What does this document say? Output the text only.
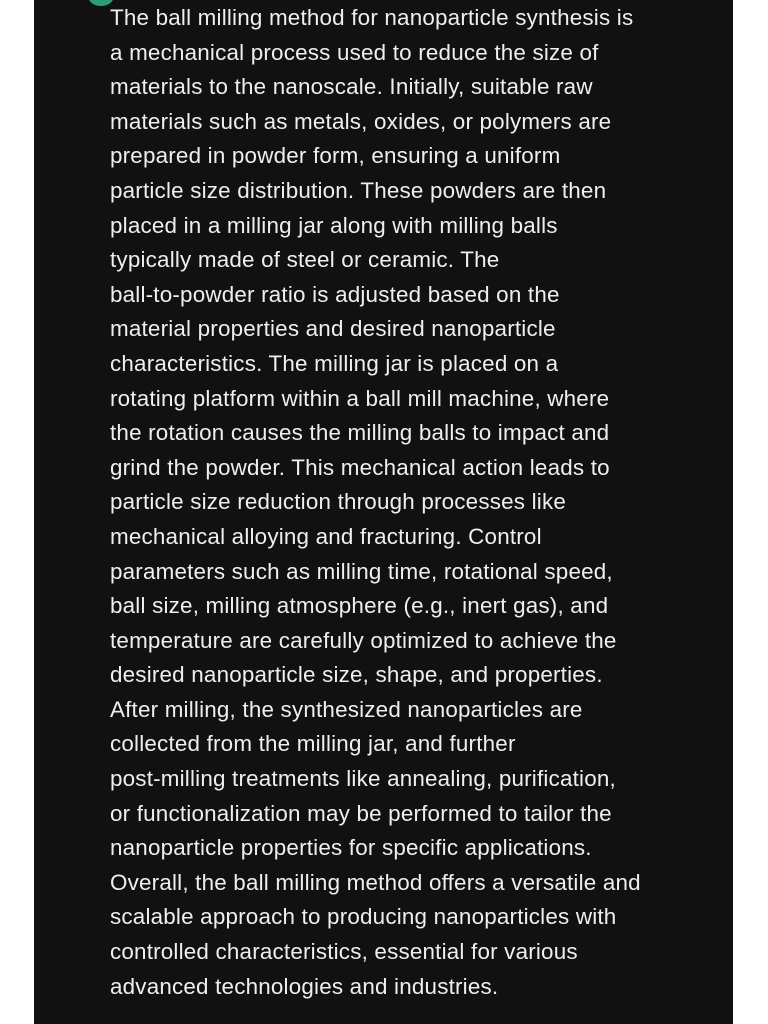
The ball milling method for nanoparticle synthesis is
a mechanical process used to reduce the size of
materials to the nanoscale. Initially, suitable raw
materials such as metals, oxides, or polymers are
prepared in powder form, ensuring a uniform
particle size distribution. These powders are then
placed in a milling jar along with milling balls
typically made of steel or ceramic. The
ball-to-powder ratio is adjusted based on the
material properties and desired nanoparticle
characteristics. The milling jar is placed on a
rotating platform within a ball mill machine, where
the rotation causes the milling balls to impact and
grind the powder. This mechanical action leads to
particle size reduction through processes like
mechanical alloying and fracturing. Control
parameters such as milling time, rotational speed,
ball size, milling atmosphere (e.g., inert gas), and
temperature are carefully optimized to achieve the
desired nanoparticle size, shape, and properties.
After milling, the synthesized nanoparticles are
collected from the milling jar, and further
post-milling treatments like annealing, purification,
or functionalization may be performed to tailor the
nanoparticle properties for specific applications.
Overall, the ball milling method offers a versatile and
scalable approach to producing nanoparticles with
controlled characteristics, essential for various
advanced technologies and industries.
